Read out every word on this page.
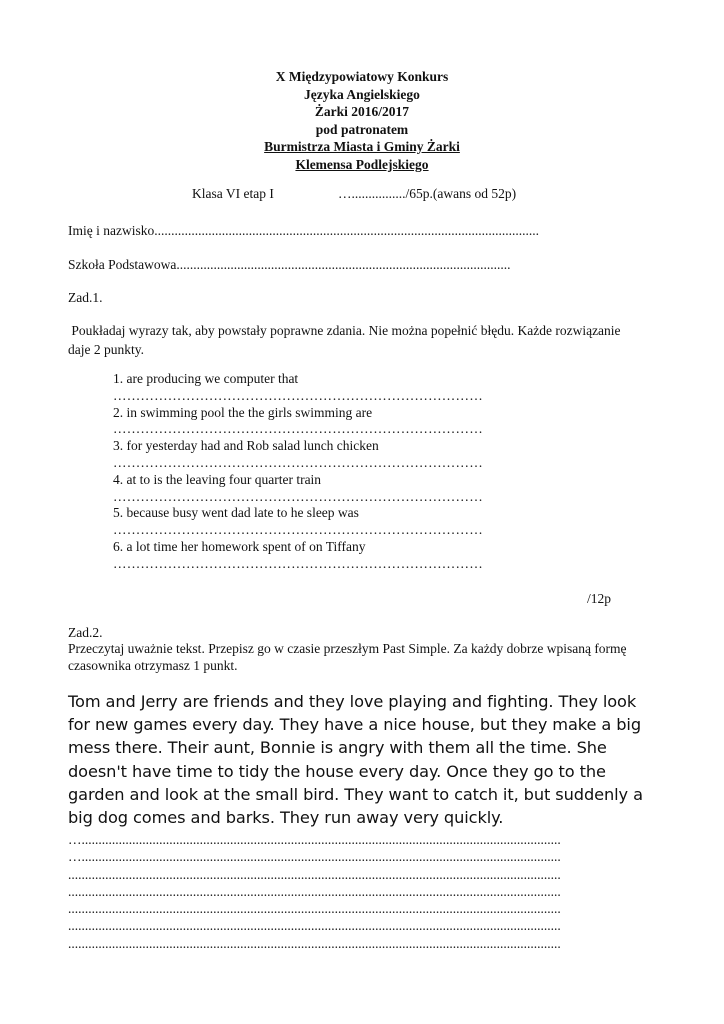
X Międzypowiatowy Konkurs
Języka Angielskiego
Żarki 2016/2017
pod patronatem
Burmistrza Miasta i Gminy Żarki
Klemensa Podlejskiego
Klasa VI etap I	…................/65p.(awans od 52p)
Imię i nazwisko..................................................................................................................
Szkoła Podstawowa...................................................................................................
Zad.1.
Poukładaj wyrazy tak, aby powstały poprawne zdania. Nie można popełnić błędu. Każde rozwiązanie daje 2 punkty.
1. are producing we computer that
………………………………………………………………………
2. in swimming pool the the girls swimming are
………………………………………………………………………
3. for yesterday had and Rob salad lunch chicken
………………………………………………………………………
4. at to is the leaving four quarter train
………………………………………………………………………
5. because busy went dad late to he sleep was
………………………………………………………………………
6. a lot time her homework spent of on Tiffany
………………………………………………………………………
/12p
Zad.2.
Przeczytaj uważnie tekst. Przepisz go w czasie przeszłym Past Simple. Za każdy dobrze wpisaną formę czasownika otrzymasz 1 punkt.
Tom and Jerry are friends and they love playing and fighting. They look
for new games every day. They have a nice house, but they make a big
mess there. Their aunt, Bonnie is angry with them all the time. She
doesn't have time to tidy the house every day. Once they go to the
garden and look at the small bird. They want to catch it, but suddenly a
big dog comes and barks. They run away very quickly.
…..............................................................................................................................................
…..............................................................................................................................................
..................................................................................................................................................
..................................................................................................................................................
..................................................................................................................................................
..................................................................................................................................................
..................................................................................................................................................
